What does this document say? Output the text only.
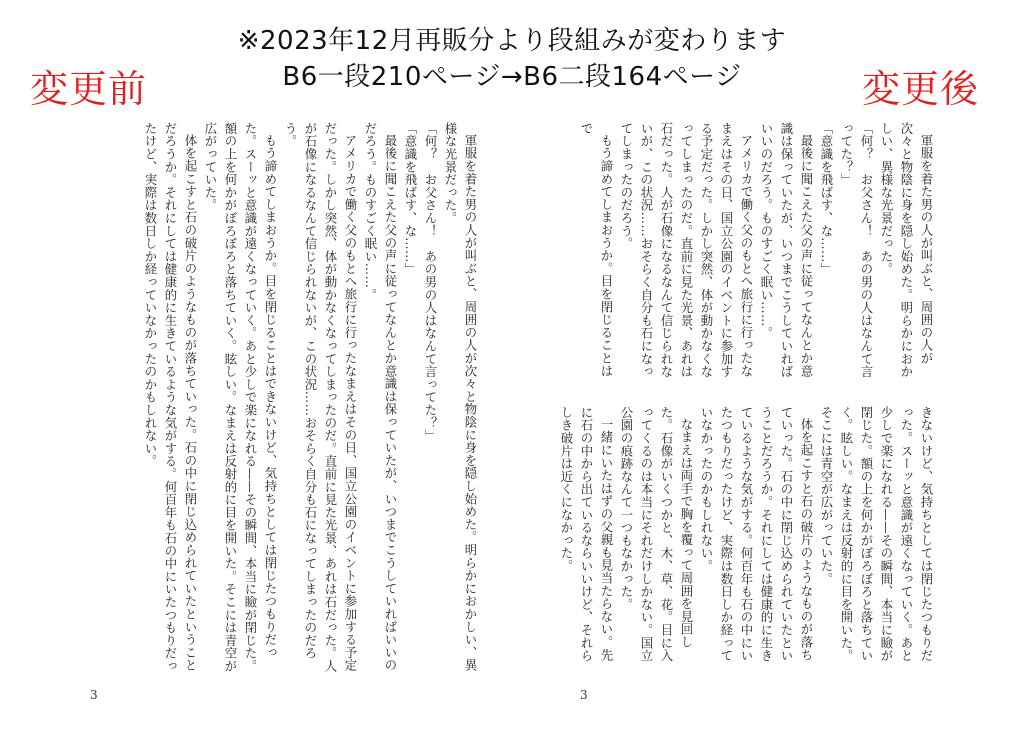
※2023年12月再販分より段組みが変わります
B6一段210ページ→B6二段164ページ
変更前	変更後

軍服を着た男の人が叫ぶと、周囲の人が次々と物陰に身を隠し始めた。明らかにおかしい、異様な光景だった。

「何？　お父さん！　あの男の人はなんて言ってた？」

「意識を飛ばす、な……」

最後に聞こえた父の声に従ってなんとか意識は保っていたが、いつまでこうしていればいいのだろう。ものすごく眠い……。

アメリカで働く父のもとへ旅行に行ったなまえはその日、国立公園のイベントに参加する予定だった。しかし突然、体が動かなくなってしまったのだ。直前に見た光景、あれは石だった。人が石像になるなんて信じられないが、この状況……おそらく自分も石になってしまったのだろう。

もう諦めてしまおうか。目を閉じることはできないけど、気持ちとしては閉じたつもりだった。スーッと意識が遠くなっていく。あと少しで楽になれる——その瞬間、本当に瞼が閉じた。額の上を何かがぼろぼろと落ちていく。眩しい。なまえは反射的に目を開いた。そこには青空が広がっていた。

体を起こすと石の破片のようなものが落ちていった。石の中に閉じ込められていたということだろうか。それにしては健康的に生きているような気がする。何百年も石の中にいたつもりだったけど、実際は数日しか経っていなかったのかもしれない。

3

軍服を着た男の人が叫ぶと、周囲の人が次々と物陰に身を隠し始めた。明らかにおかしい、異様な光景だった。

「何？　お父さん！　あの男の人はなんて言ってた？」

「意識を飛ばす、な……」

最後に聞こえた父の声に従ってなんとか意識は保っていたが、いつまでこうしていればいいのだろう。ものすごく眠い……。

アメリカで働く父のもとへ旅行に行ったなまえはその日、国立公園のイベントに参加する予定だった。しかし突然、体が動かなくなってしまったのだ。直前に見た光景、あれは石だった。人が石像になるなんて信じられないが、この状況……おそらく自分も石になってしまったのだろう。

もう諦めてしまおうか。目を閉じることはで

きないけど、気持ちとしては閉じたつもりだった。スーッと意識が遠くなっていく。あと少しで楽になれる——その瞬間、本当に瞼が閉じた。額の上を何かがぼろぼろと落ちていく。眩しい。なまえは反射的に目を開いた。そこには青空が広がっていた。

体を起こすと石の破片のようなものが落ちていった。石の中に閉じ込められていたということだろうか。それにしては健康的に生きているような気がする。何百年も石の中にいたつもりだったけど、実際は数日しか経っていなかったのかもしれない。

なまえは両手で胸を覆って周囲を見回した。石像がいくつかと、木、草、花。目に入ってくるのは本当にそれだけしかない。国立公園の痕跡なんて一つもなかった。

一緒にいたはずの父親も見当たらない。先に石の中から出ているならいいけど、それらしき破片は近くになかった。

3
